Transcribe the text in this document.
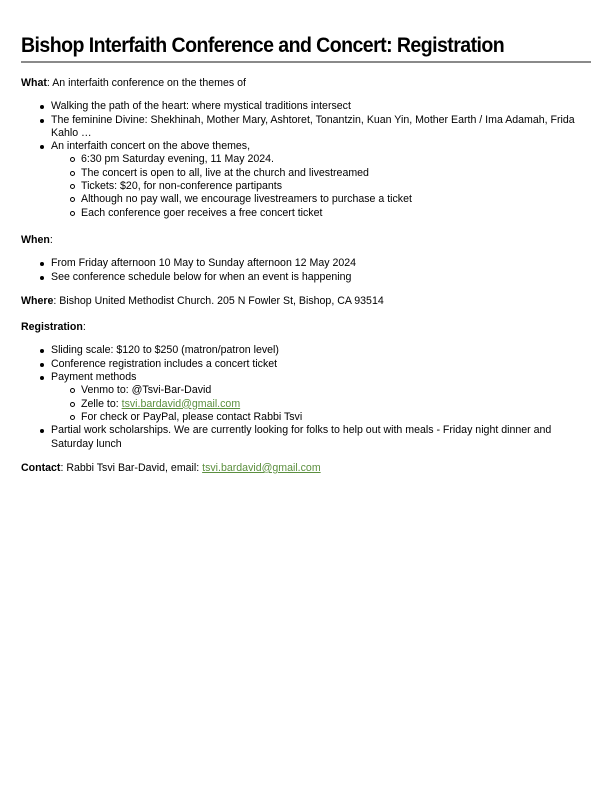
Bishop Interfaith Conference and Concert: Registration

What: An interfaith conference on the themes of

Walking the path of the heart: where mystical traditions intersect
The feminine Divine: Shekhinah, Mother Mary, Ashtoret, Tonantzin, Kuan Yin, Mother Earth / Ima Adamah, Frida Kahlo …
An interfaith concert on the above themes,
6:30 pm Saturday evening, 11 May 2024.
The concert is open to all, live at the church and livestreamed
Tickets: $20, for non-conference partipants
Although no pay wall, we encourage livestreamers to purchase a ticket
Each conference goer receives a free concert ticket

When:

From Friday afternoon 10 May to Sunday afternoon 12 May 2024
See conference schedule below for when an event is happening

Where: Bishop United Methodist Church. 205 N Fowler St, Bishop, CA 93514

Registration:

Sliding scale: $120 to $250 (matron/patron level)
Conference registration includes a concert ticket
Payment methods
Venmo to: @Tsvi-Bar-David
Zelle to: tsvi.bardavid@gmail.com
For check or PayPal, please contact Rabbi Tsvi
Partial work scholarships. We are currently looking for folks to help out with meals - Friday night dinner and Saturday lunch

Contact: Rabbi Tsvi Bar-David, email: tsvi.bardavid@gmail.com
